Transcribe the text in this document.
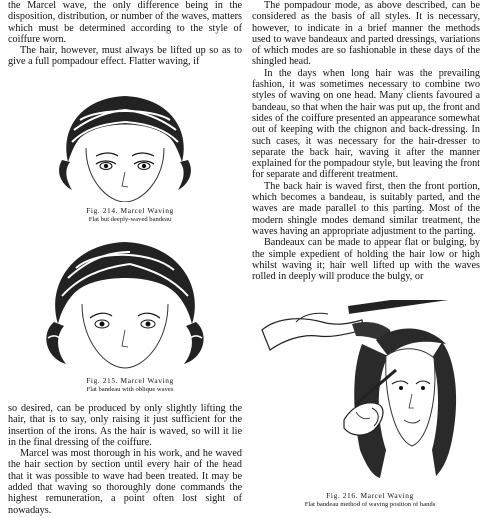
the Marcel wave, the only difference being in the disposition, distribution, or number of the waves, matters which must be determined according to the style of coiffure worn.

The hair, however, must always be lifted up so as to give a full pompadour effect. Flatter waving, if

The pompadour mode, as above described, can be considered as the basis of all styles. It is necessary, however, to indicate in a brief manner the methods used to wave bandeaux and parted dressings, variations of which modes are so fashionable in these days of the shingled head.

In the days when long hair was the prevailing fashion, it was sometimes necessary to combine two styles of waving on one head. Many clients favoured a bandeau, so that when the hair was put up, the front and sides of the coiffure presented an appearance somewhat out of keeping with the chignon and back-dressing. In such cases, it was necessary for the hair-dresser to separate the back hair, waving it after the manner explained for the pompadour style, but leaving the front for separate and different treatment.

The back hair is waved first, then the front portion, which becomes a bandeau, is suitably parted, and the waves are made parallel to this parting. Most of the modern shingle modes demand similar treatment, the waves having an appropriate adjustment to the parting.

Bandeaux can be made to appear flat or bulging, by the simple expedient of holding the hair low or high whilst waving it; hair well lifted up with the waves rolled in deeply will produce the bulgy, or

Fig. 214. Marcel Waving
Flat but deeply-waved bandeau
Fig. 215. Marcel Waving
Flat bandeau with oblique waves

so desired, can be produced by only slightly lifting the hair, that is to say, only raising it just sufficient for the insertion of the irons. As the hair is waved, so will it lie in the final dressing of the coiffure.

Marcel was most thorough in his work, and he waved the hair section by section until every hair of the head that it was possible to wave had been treated. It may be added that waving so thoroughly done commands the highest remuneration, a point often lost sight of nowadays.

Fig. 216. Marcel Waving
Flat bandeau method of waving position of hands
